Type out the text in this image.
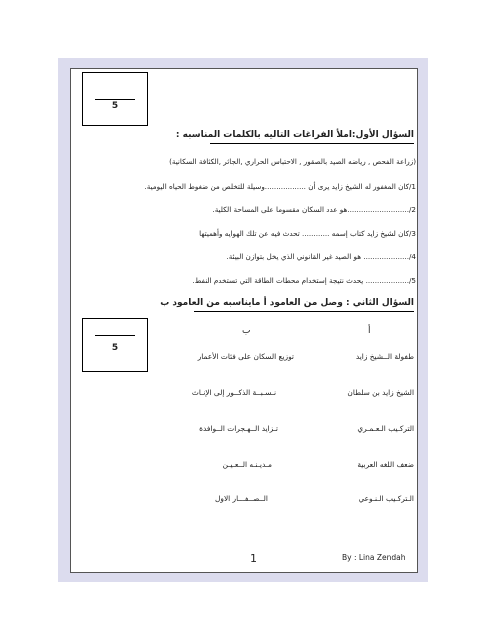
5
السؤال الأول:املأ الفراغات التاليه بالكلمات المناسبه :
(زراعة الفحص , رياضه الصيد بالصقور , الاحتباس الحراري ,الجاثر ,الكثافة السكانية)
1/كان المغفور له الشيخ زايد يرى أن ..................وسيلة للتخلص من ضغوط الحياه اليومية.
2/...........................هو عدد السكان مقسوما على المساحة الكلية.
3/كان لشيخ زايد كتاب إسمه ............ تحدث فيه عن تلك الهوايه وأهميتها
4/.................... هو الصيد غير القانوني الذي يخل بتوازن البيئة.
5/................... يحدث نتيجة إستخدام محطات الطاقة التي تستخدم النفط.
السؤال الثاني : وصل من العامود أ مايناسبه من العامود ب
5
ب	أ
طفولة الــشيخ زايد
الشيخ زايد بن سلطان
التركـيب الـعـمـري
ضعف اللغه العربية
الـتركـيب الـنـوعي
توزيع السكان على فئات الأعمار
نـسـبــة الذكــور إلى الإنـاث
تـزايد الــهـجرات الــوافدة
مـديـنـه الــعـيـن
الــصــفـــار الاول
1	By : Lina Zendah
